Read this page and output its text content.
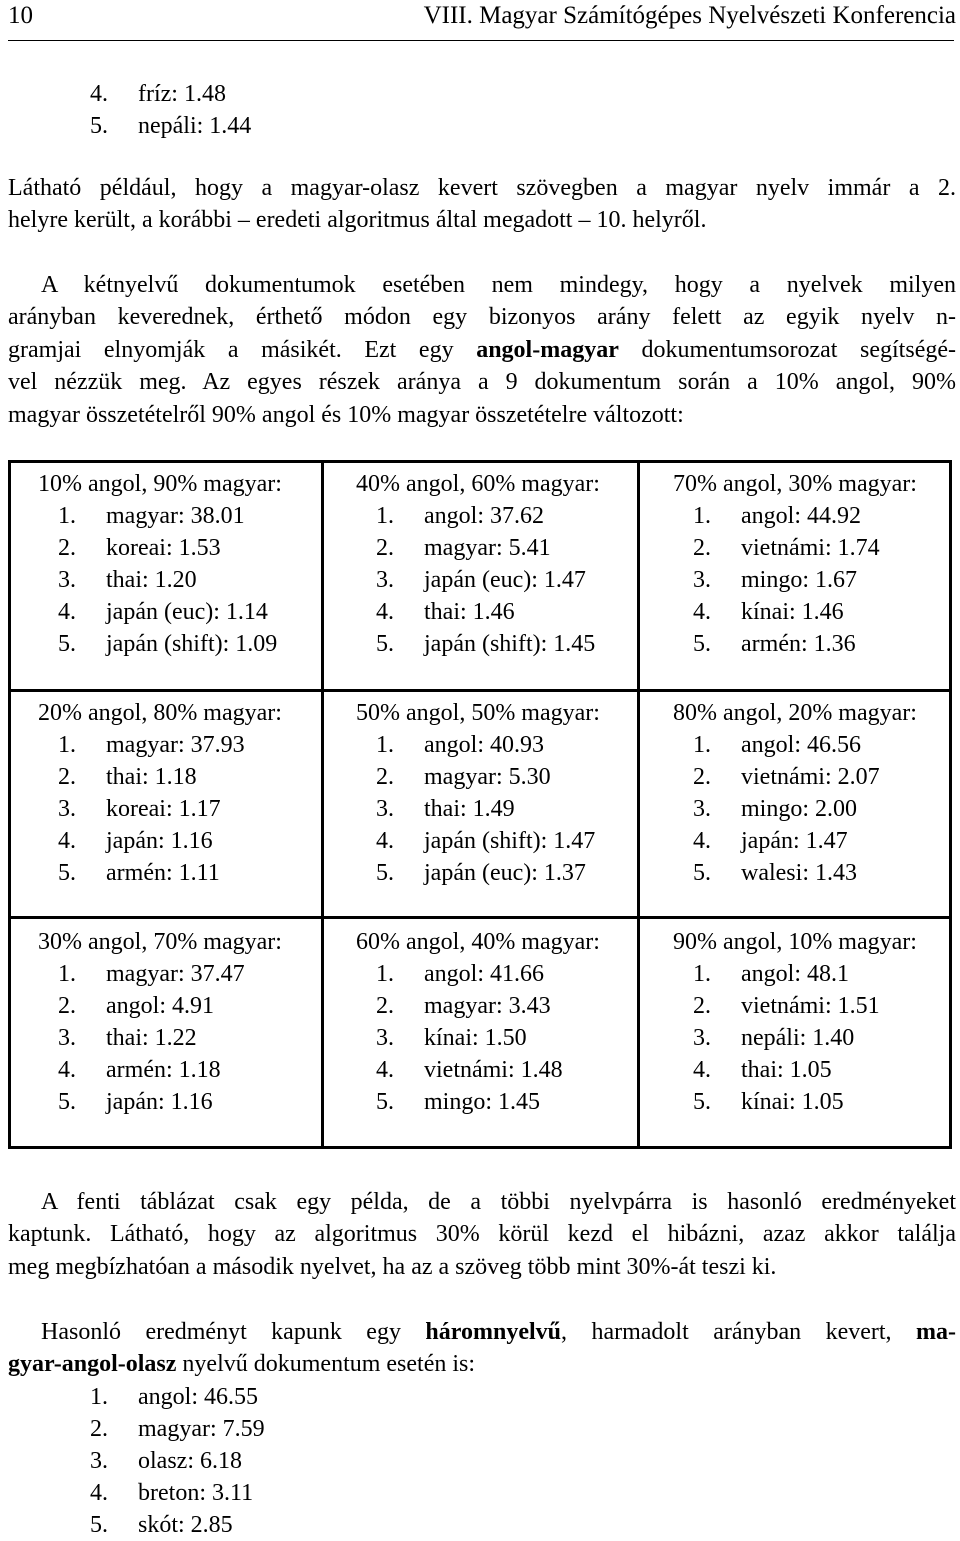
10	VIII. Magyar Számítógépes Nyelvészeti Konferencia
4.	fríz: 1.48
5.	nepáli: 1.44
Látható például, hogy a magyar-olasz kevert szövegben a magyar nyelv immár a 2.
helyre került, a korábbi – eredeti algoritmus által megadott – 10. helyről.
A kétnyelvű dokumentumok esetében nem mindegy, hogy a nyelvek milyen
arányban keverednek, érthető módon egy bizonyos arány felett az egyik nyelv n-
gramjai elnyomják a másikét. Ezt egy angol-magyar dokumentumsorozat segítségé-
vel nézzük meg. Az egyes részek aránya a 9 dokumentum során a 10% angol, 90%
magyar összetételről 90% angol és 10% magyar összetételre változott:
10% angol, 90% magyar:
1.	magyar: 38.01
2.	koreai: 1.53
3.	thai: 1.20
4.	japán (euc): 1.14
5.	japán (shift): 1.09
40% angol, 60% magyar:
1.	angol: 37.62
2.	magyar: 5.41
3.	japán (euc): 1.47
4.	thai: 1.46
5.	japán (shift): 1.45
70% angol, 30% magyar:
1.	angol: 44.92
2.	vietnámi: 1.74
3.	mingo: 1.67
4.	kínai: 1.46
5.	armén: 1.36
20% angol, 80% magyar:
1.	magyar: 37.93
2.	thai: 1.18
3.	koreai: 1.17
4.	japán: 1.16
5.	armén: 1.11
50% angol, 50% magyar:
1.	angol: 40.93
2.	magyar: 5.30
3.	thai: 1.49
4.	japán (shift): 1.47
5.	japán (euc): 1.37
80% angol, 20% magyar:
1.	angol: 46.56
2.	vietnámi: 2.07
3.	mingo: 2.00
4.	japán: 1.47
5.	walesi: 1.43
30% angol, 70% magyar:
1.	magyar: 37.47
2.	angol: 4.91
3.	thai: 1.22
4.	armén: 1.18
5.	japán: 1.16
60% angol, 40% magyar:
1.	angol: 41.66
2.	magyar: 3.43
3.	kínai: 1.50
4.	vietnámi: 1.48
5.	mingo: 1.45
90% angol, 10% magyar:
1.	angol: 48.1
2.	vietnámi: 1.51
3.	nepáli: 1.40
4.	thai: 1.05
5.	kínai: 1.05
A fenti táblázat csak egy példa, de a többi nyelvpárra is hasonló eredményeket
kaptunk. Látható, hogy az algoritmus 30% körül kezd el hibázni, azaz akkor találja
meg megbízhatóan a második nyelvet, ha az a szöveg több mint 30%-át teszi ki.
Hasonló eredményt kapunk egy háromnyelvű, harmadolt arányban kevert, ma-
gyar-angol-olasz nyelvű dokumentum esetén is:
1.	angol: 46.55
2.	magyar: 7.59
3.	olasz: 6.18
4.	breton: 3.11
5.	skót: 2.85
